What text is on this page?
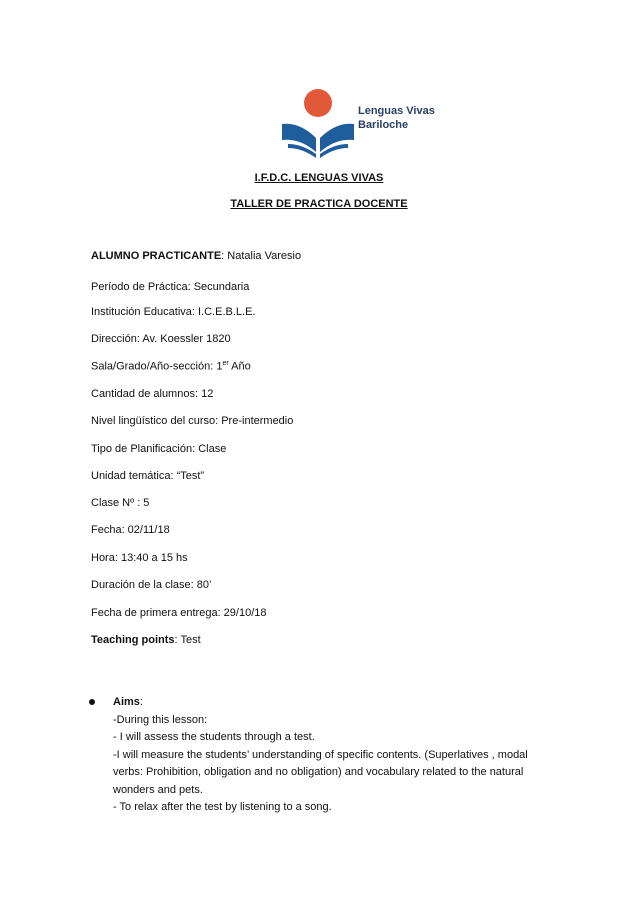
Lenguas Vivas
Bariloche
I.F.D.C. LENGUAS VIVAS
TALLER DE PRACTICA DOCENTE
ALUMNO PRACTICANTE: Natalia Varesio
Período de Práctica: Secundaria
Institución Educativa: I.C.E.B.L.E.
Dirección: Av. Koessler 1820
Sala/Grado/Año-sección: 1er Año
Cantidad de alumnos: 12
Nivel lingüístico del curso: Pre-intermedio
Tipo de Planificación: Clase
Unidad temática: “Test”
Clase Nº : 5
Fecha: 02/11/18
Hora: 13:40 a 15 hs
Duración de la clase: 80’
Fecha de primera entrega: 29/10/18
Teaching points: Test
Aims:
-During this lesson:
- I will assess the students through a test.
-I will measure the students’ understanding of specific contents. (Superlatives , modal verbs: Prohibition, obligation and no obligation) and vocabulary related to the natural wonders and pets.
- To relax after the test by listening to a song.
